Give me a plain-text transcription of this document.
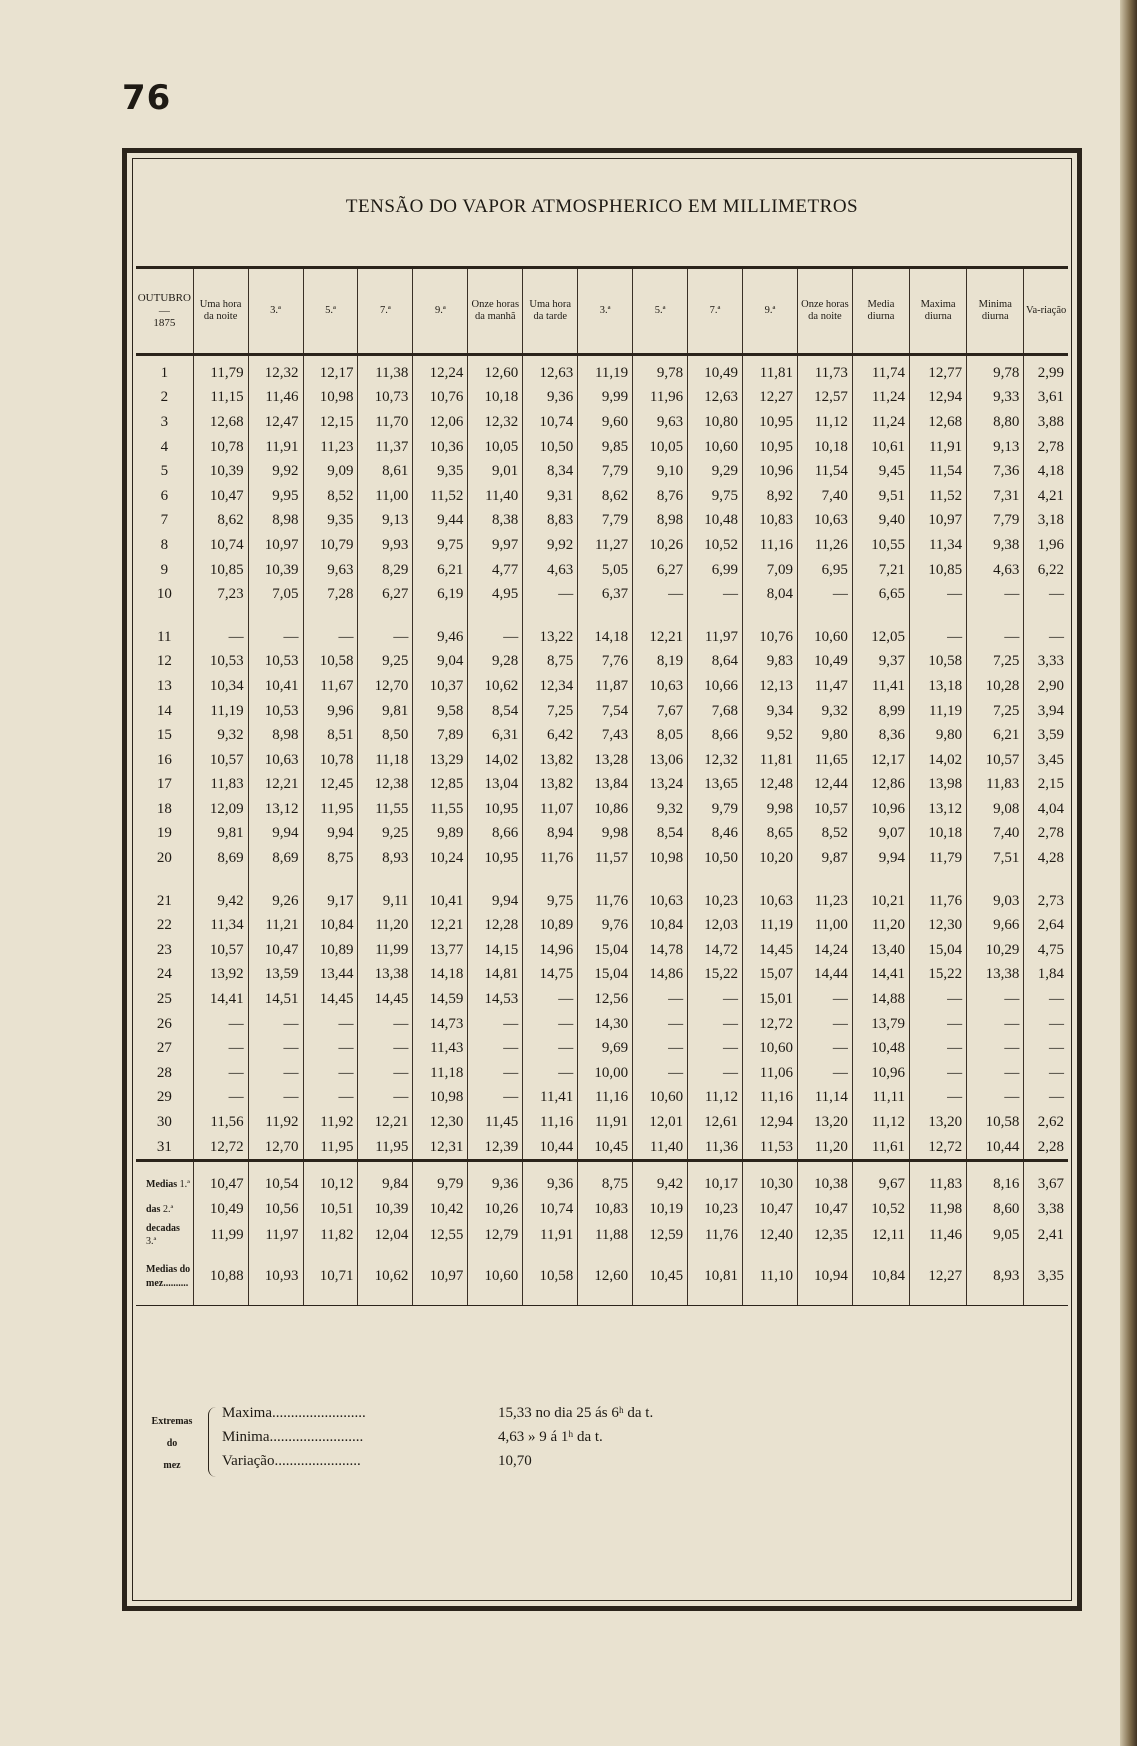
76
TENSÃO DO VAPOR ATMOSPHERICO EM MILLIMETROS
OUTUBRO
—
1875	Uma hora da noite	3.ª	5.ª	7.ª	9.ª	Onze horas da manhã	Uma hora da tarde	3.ª	5.ª	7.ª	9.ª	Onze horas da noite	Media diurna	Maxima diurna	Minima diurna	Va-riação
1	11,79	12,32	12,17	11,38	12,24	12,60	12,63	11,19	9,78	10,49	11,81	11,73	11,74	12,77	9,78	2,99
2	11,15	11,46	10,98	10,73	10,76	10,18	9,36	9,99	11,96	12,63	12,27	12,57	11,24	12,94	9,33	3,61
3	12,68	12,47	12,15	11,70	12,06	12,32	10,74	9,60	9,63	10,80	10,95	11,12	11,24	12,68	8,80	3,88
4	10,78	11,91	11,23	11,37	10,36	10,05	10,50	9,85	10,05	10,60	10,95	10,18	10,61	11,91	9,13	2,78
5	10,39	9,92	9,09	8,61	9,35	9,01	8,34	7,79	9,10	9,29	10,96	11,54	9,45	11,54	7,36	4,18
6	10,47	9,95	8,52	11,00	11,52	11,40	9,31	8,62	8,76	9,75	8,92	7,40	9,51	11,52	7,31	4,21
7	8,62	8,98	9,35	9,13	9,44	8,38	8,83	7,79	8,98	10,48	10,83	10,63	9,40	10,97	7,79	3,18
8	10,74	10,97	10,79	9,93	9,75	9,97	9,92	11,27	10,26	10,52	11,16	11,26	10,55	11,34	9,38	1,96
9	10,85	10,39	9,63	8,29	6,21	4,77	4,63	5,05	6,27	6,99	7,09	6,95	7,21	10,85	4,63	6,22
10	7,23	7,05	7,28	6,27	6,19	4,95	—	6,37	—	—	8,04	—	6,65	—	—	—

11	—	—	—	—	9,46	—	13,22	14,18	12,21	11,97	10,76	10,60	12,05	—	—	—
12	10,53	10,53	10,58	9,25	9,04	9,28	8,75	7,76	8,19	8,64	9,83	10,49	9,37	10,58	7,25	3,33
13	10,34	10,41	11,67	12,70	10,37	10,62	12,34	11,87	10,63	10,66	12,13	11,47	11,41	13,18	10,28	2,90
14	11,19	10,53	9,96	9,81	9,58	8,54	7,25	7,54	7,67	7,68	9,34	9,32	8,99	11,19	7,25	3,94
15	9,32	8,98	8,51	8,50	7,89	6,31	6,42	7,43	8,05	8,66	9,52	9,80	8,36	9,80	6,21	3,59
16	10,57	10,63	10,78	11,18	13,29	14,02	13,82	13,28	13,06	12,32	11,81	11,65	12,17	14,02	10,57	3,45
17	11,83	12,21	12,45	12,38	12,85	13,04	13,82	13,84	13,24	13,65	12,48	12,44	12,86	13,98	11,83	2,15
18	12,09	13,12	11,95	11,55	11,55	10,95	11,07	10,86	9,32	9,79	9,98	10,57	10,96	13,12	9,08	4,04
19	9,81	9,94	9,94	9,25	9,89	8,66	8,94	9,98	8,54	8,46	8,65	8,52	9,07	10,18	7,40	2,78
20	8,69	8,69	8,75	8,93	10,24	10,95	11,76	11,57	10,98	10,50	10,20	9,87	9,94	11,79	7,51	4,28

21	9,42	9,26	9,17	9,11	10,41	9,94	9,75	11,76	10,63	10,23	10,63	11,23	10,21	11,76	9,03	2,73
22	11,34	11,21	10,84	11,20	12,21	12,28	10,89	9,76	10,84	12,03	11,19	11,00	11,20	12,30	9,66	2,64
23	10,57	10,47	10,89	11,99	13,77	14,15	14,96	15,04	14,78	14,72	14,45	14,24	13,40	15,04	10,29	4,75
24	13,92	13,59	13,44	13,38	14,18	14,81	14,75	15,04	14,86	15,22	15,07	14,44	14,41	15,22	13,38	1,84
25	14,41	14,51	14,45	14,45	14,59	14,53	—	12,56	—	—	15,01	—	14,88	—	—	—
26	—	—	—	—	14,73	—	—	14,30	—	—	12,72	—	13,79	—	—	—
27	—	—	—	—	11,43	—	—	9,69	—	—	10,60	—	10,48	—	—	—
28	—	—	—	—	11,18	—	—	10,00	—	—	11,06	—	10,96	—	—	—
29	—	—	—	—	10,98	—	11,41	11,16	10,60	11,12	11,16	11,14	11,11	—	—	—
30	11,56	11,92	11,92	12,21	12,30	11,45	11,16	11,91	12,01	12,61	12,94	13,20	11,12	13,20	10,58	2,62
31	12,72	12,70	11,95	11,95	12,31	12,39	10,44	10,45	11,40	11,36	11,53	11,20	11,61	12,72	10,44	2,28

Medias 1.ª	10,47	10,54	10,12	9,84	9,79	9,36	9,36	8,75	9,42	10,17	10,30	10,38	9,67	11,83	8,16	3,67
das 2.ª	10,49	10,56	10,51	10,39	10,42	10,26	10,74	10,83	10,19	10,23	10,47	10,47	10,52	11,98	8,60	3,38
decadas 3.ª	11,99	11,97	11,82	12,04	12,55	12,79	11,91	11,88	12,59	11,76	12,40	12,35	12,11	11,46	9,05	2,41

Medias do
mez..........	10,88	10,93	10,71	10,62	10,97	10,60	10,58	12,60	10,45	10,81	11,10	10,94	10,84	12,27	8,93	3,35
Extremas
do
mez
Maxima.........................	15,33 no dia 25 ás 6ʰ da t.
Minima.........................	4,63 » 9 á 1ʰ da t.
Variação.......................	10,70
